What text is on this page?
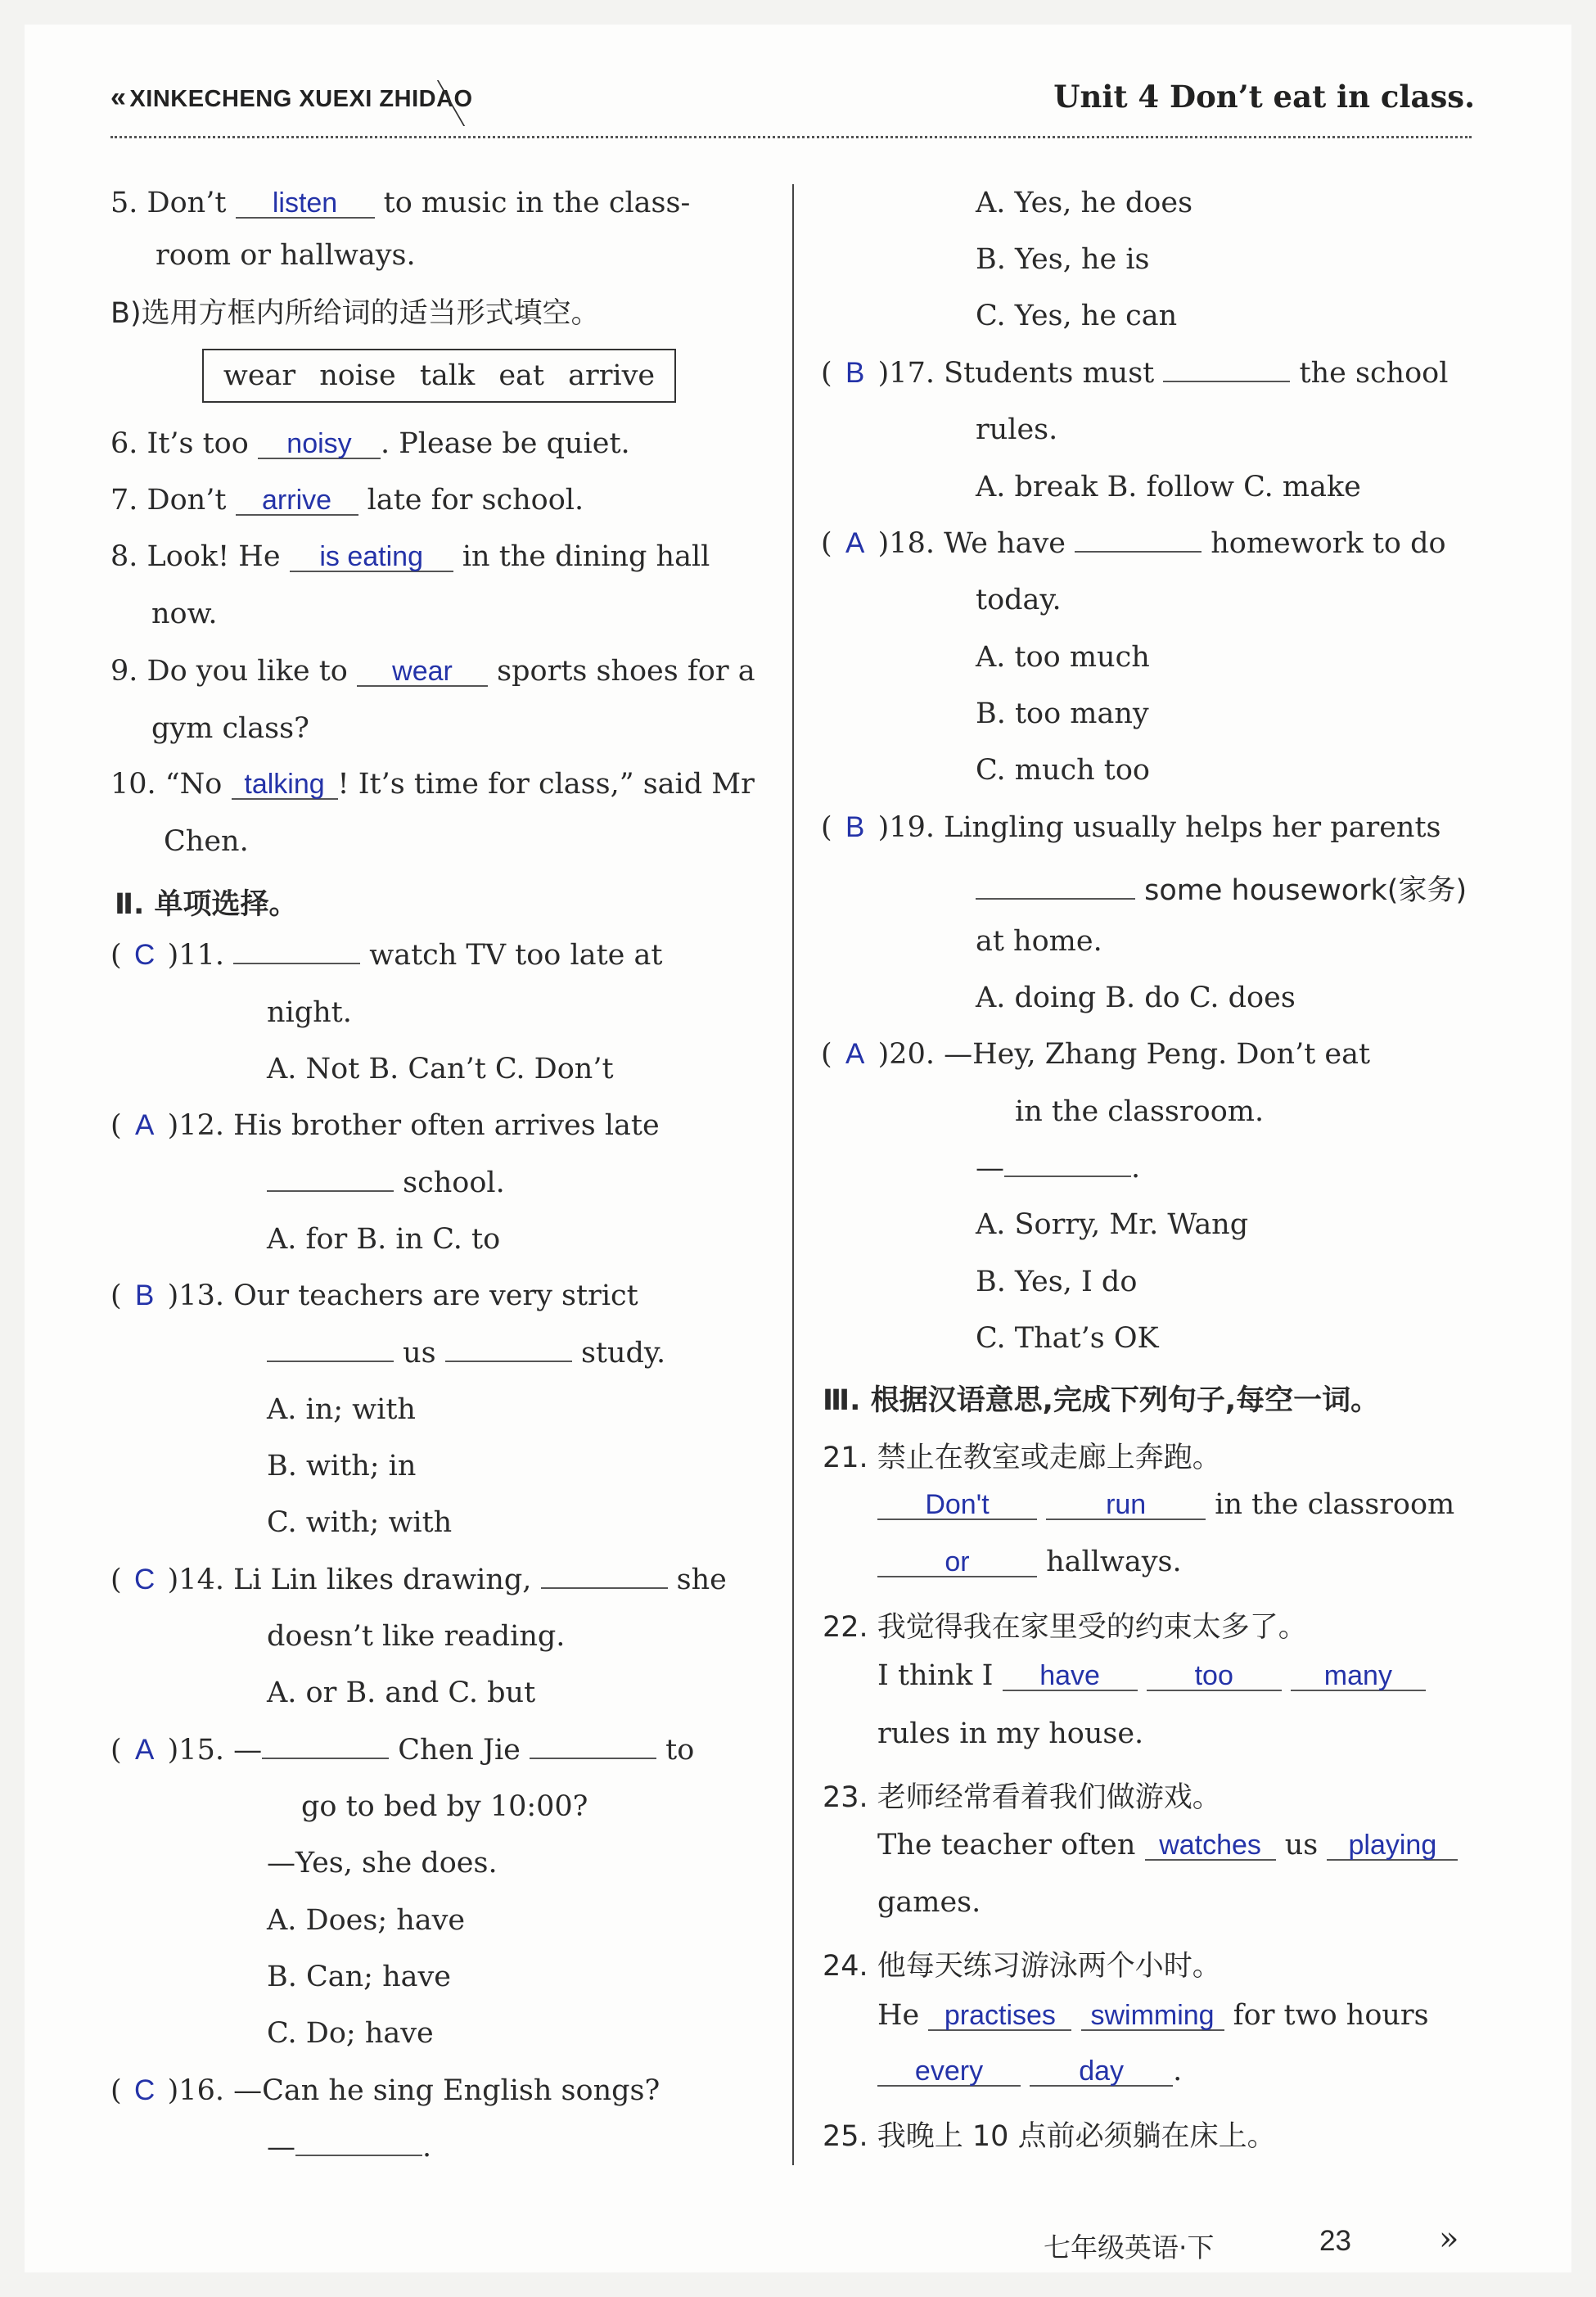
« XINKECHENG XUEXI ZHIDAO	Unit 4 Don’t eat in class.
5. Don’t listen to music in the class-
room or hallways.
B)选用方框内所给词的适当形式填空。
wear noise talk eat arrive
6. It’s too noisy . Please be quiet.
7. Don’t arrive late for school.
8. Look! He is eating in the dining hall
now.
9. Do you like to wear sports shoes for a
gym class?
10. “No talking ! It’s time for class,” said Mr
Chen.
Ⅱ. 单项选择。
( C )11.	watch TV too late at
night.
A. Not B. Can’t C. Don’t
( A )12. His brother often arrives late
school.
A. for B. in C. to
( B )13. Our teachers are very strict
us	study.
A. in; with
B. with; in
C. with; with
( C )14. Li Lin likes drawing,	she
doesn’t like reading.
A. or B. and C. but
( A )15. —	Chen Jie	to
go to bed by 10:00?
—Yes, she does.
A. Does; have
B. Can; have
C. Do; have
( C )16. —Can he sing English songs?
—	.
A. Yes, he does
B. Yes, he is
C. Yes, he can
( B )17. Students must	the school
rules.
A. break B. follow C. make
( A )18. We have	homework to do
today.
A. too much
B. too many
C. much too
( B )19. Lingling usually helps her parents
some housework(家务)
at home.
A. doing B. do C. does
( A )20. —Hey, Zhang Peng. Don’t eat
in the classroom.
—	.
A. Sorry, Mr. Wang
B. Yes, I do
C. That’s OK
Ⅲ. 根据汉语意思,完成下列句子,每空一词。
21. 禁止在教室或走廊上奔跑。
Don't	run in the classroom
or	hallways.
22. 我觉得我在家里受的约束太多了。
I think I have	too	many
rules in my house.
23. 老师经常看着我们做游戏。
The teacher often watches us playing
games.
24. 他每天练习游泳两个小时。
He practises swimming for two hours
every	day .
25. 我晚上 10 点前必须躺在床上。
七年级英语·下	23	»
